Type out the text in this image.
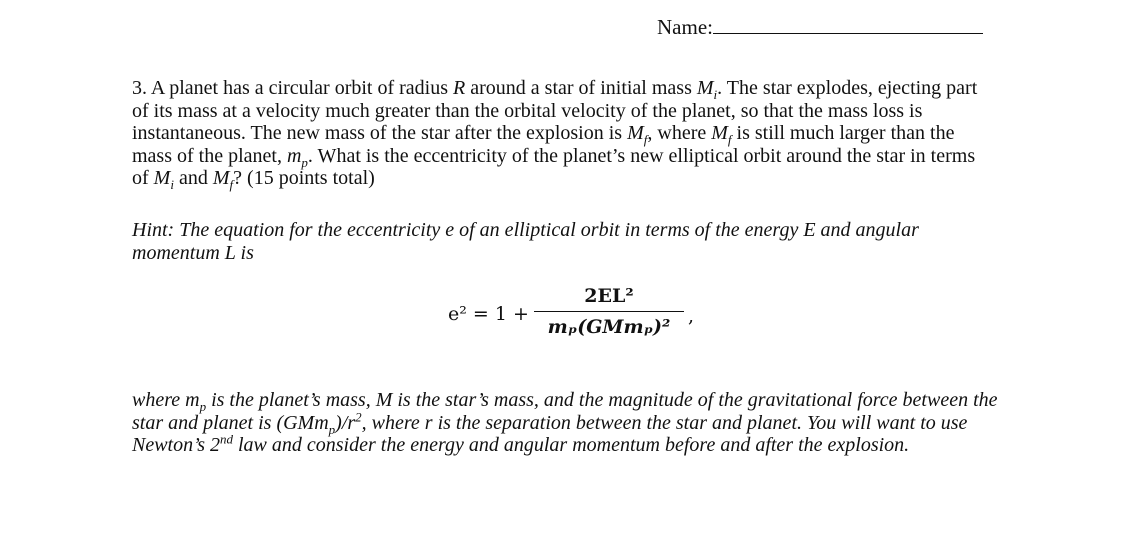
Name:

3. A planet has a circular orbit of radius R around a star of initial mass $M_i$. The star explodes, ejecting part of its mass at a velocity much greater than the orbital velocity of the planet, so that the mass loss is instantaneous. The new mass of the star after the explosion is $M_f$, where $M_f$ is still much larger than the mass of the planet, $m_p$. What is the eccentricity of the planet’s new elliptical orbit around the star in terms of $M_i$ and $M_f$? (15 points total)

Hint: The equation for the eccentricity e of an elliptical orbit in terms of the energy E and angular momentum L is
e² = 1 +
2EL²
mₚ(GMmₚ)² ,
where $m_p$ is the planet’s mass, M is the star’s mass, and the magnitude of the gravitational force between the star and planet is $(GMm_p)/r^2$, where r is the separation between the star and planet. You will want to use Newton’s 2nd law and consider the energy and angular momentum before and after the explosion.
